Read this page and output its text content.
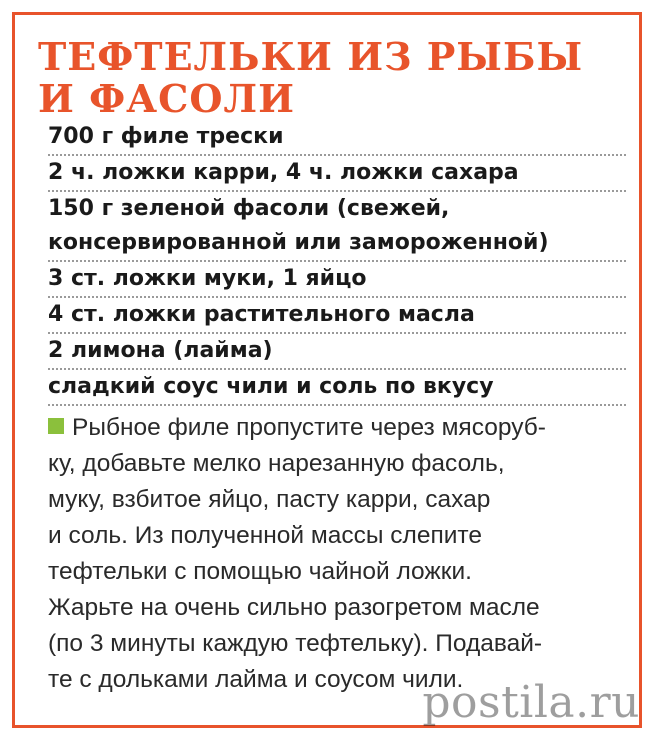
ТЕФТЕЛЬКИ ИЗ РЫБЫ
И ФАСОЛИ
700 г филе трески
2 ч. ложки карри, 4 ч. ложки сахара
150 г зеленой фасоли (свежей,
консервированной или замороженной)
3 ст. ложки муки, 1 яйцо
4 ст. ложки растительного масла
2 лимона (лайма)
сладкий соус чили и соль по вкусу
Рыбное филе пропустите через мясоруб-
ку, добавьте мелко нарезанную фасоль,
муку, взбитое яйцо, пасту карри, сахар
и соль. Из полученной массы слепите
тефтельки с помощью чайной ложки.
Жарьте на очень сильно разогретом масле
(по 3 минуты каждую тефтельку). Подавай-
те с дольками лайма и соусом чили.
postila.ru
